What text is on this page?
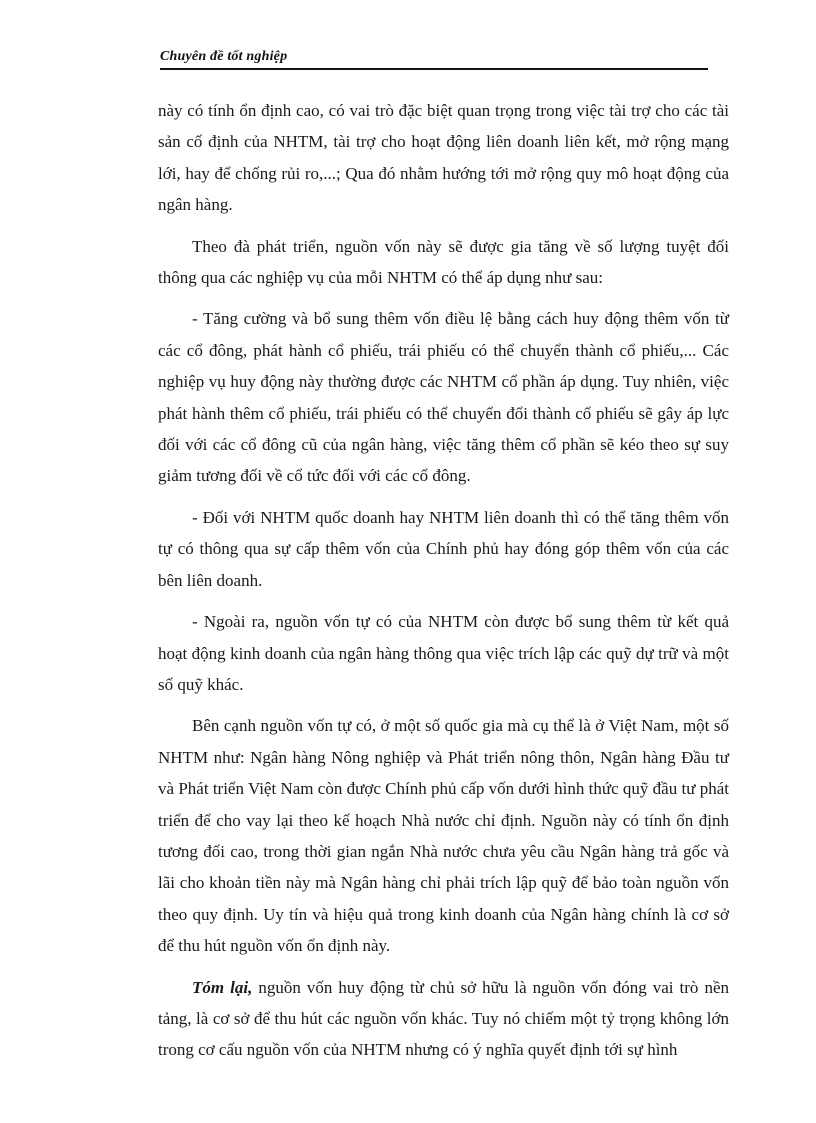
Chuyên đề tốt nghiệp

này có tính ổn định cao, có vai trò đặc biệt quan trọng trong việc tài trợ cho các tài sản cố định của NHTM, tài trợ cho hoạt động liên doanh liên kết, mở rộng mạng lới, hay để chống rủi ro,...; Qua đó nhằm hướng tới mở rộng quy mô hoạt động của ngân hàng.

Theo đà phát triển, nguồn vốn này sẽ được gia tăng về số lượng tuyệt đối thông qua các nghiệp vụ của mỗi NHTM có thể áp dụng như sau:

- Tăng cường và bổ sung thêm vốn điều lệ bằng cách huy động thêm vốn từ các cổ đông, phát hành cổ phiếu, trái phiếu có thể chuyển thành cổ phiếu,... Các nghiệp vụ huy động này thường được các NHTM cổ phần áp dụng. Tuy nhiên, việc phát hành thêm cổ phiếu, trái phiếu có thể chuyển đổi thành cổ phiếu sẽ gây áp lực đối với các cổ đông cũ của ngân hàng, việc tăng thêm cổ phần sẽ kéo theo sự suy giảm tương đối về cổ tức đối với các cổ đông.

- Đối với NHTM quốc doanh hay NHTM liên doanh thì có thể tăng thêm vốn tự có thông qua sự cấp thêm vốn của Chính phủ hay đóng góp thêm vốn của các bên liên doanh.

- Ngoài ra, nguồn vốn tự có của NHTM còn được bổ sung thêm từ kết quả hoạt động kinh doanh của ngân hàng thông qua việc trích lập các quỹ dự trữ và một số quỹ khác.

Bên cạnh nguồn vốn tự có, ở một số quốc gia mà cụ thể là ở Việt Nam, một số NHTM như: Ngân hàng Nông nghiệp và Phát triển nông thôn, Ngân hàng Đầu tư và Phát triển Việt Nam còn được Chính phủ cấp vốn dưới hình thức quỹ đầu tư phát triển để cho vay lại theo kế hoạch Nhà nước chỉ định. Nguồn này có tính ổn định tương đối cao, trong thời gian ngắn Nhà nước chưa yêu cầu Ngân hàng trả gốc và lãi cho khoản tiền này mà Ngân hàng chỉ phải trích lập quỹ để bảo toàn nguồn vốn theo quy định. Uy tín và hiệu quả trong kinh doanh của Ngân hàng chính là cơ sở để thu hút nguồn vốn ổn định này.

Tóm lại, nguồn vốn huy động từ chủ sở hữu là nguồn vốn đóng vai trò nền tảng, là cơ sở để thu hút các nguồn vốn khác. Tuy nó chiếm một tỷ trọng không lớn trong cơ cấu nguồn vốn của NHTM nhưng có ý nghĩa quyết định tới sự hình
